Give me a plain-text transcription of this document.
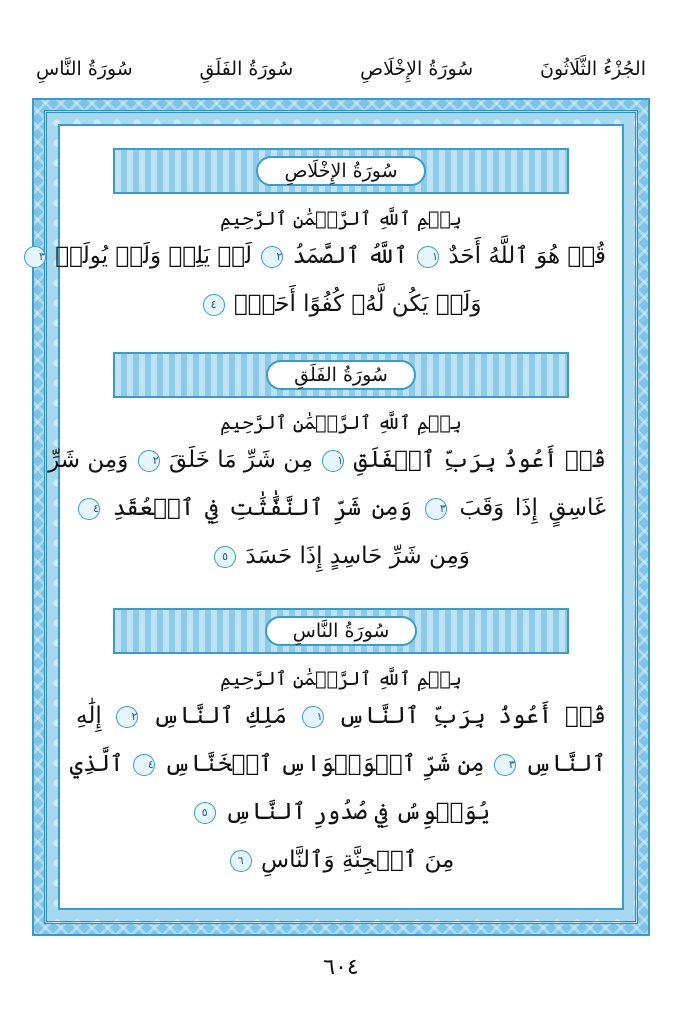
الجُزْءُ الثَّلَاثُونَ
سُورَةُ الإِخْلَاصِ
سُورَةُ الفَلَقِ
سُورَةُ النَّاسِ
سُورَةُ الإِخْلَاصِ
بِسۡمِ ٱللَّهِ ٱلرَّحۡمَٰنِ ٱلرَّحِيمِ
قُلۡ هُوَ ٱللَّهُ أَحَدٌ ١ ٱللَّهُ ٱلصَّمَدُ ٢ لَمۡ يَلِدۡ وَلَمۡ يُولَدۡ ٣
وَلَمۡ يَكُن لَّهُۥ كُفُوًا أَحَدُۢ ٤
سُورَةُ الفَلَقِ
بِسۡمِ ٱللَّهِ ٱلرَّحۡمَٰنِ ٱلرَّحِيمِ
قُلۡ أَعُوذُ بِرَبِّ ٱلۡفَلَقِ ١ مِن شَرِّ مَا خَلَقَ ٢ وَمِن شَرِّ
غَاسِقٍ إِذَا وَقَبَ ٣ وَمِن شَرِّ ٱلنَّفَّٰثَٰتِ فِي ٱلۡعُقَدِ ٤
وَمِن شَرِّ حَاسِدٍ إِذَا حَسَدَ ٥
سُورَةُ النَّاسِ
بِسۡمِ ٱللَّهِ ٱلرَّحۡمَٰنِ ٱلرَّحِيمِ
قُلۡ أَعُوذُ بِرَبِّ ٱلنَّاسِ ١ مَلِكِ ٱلنَّاسِ ٢ إِلَٰهِ
ٱلنَّاسِ ٣ مِن شَرِّ ٱلۡوَسۡوَاسِ ٱلۡخَنَّاسِ ٤ ٱلَّذِي
يُوَسۡوِسُ فِي صُدُورِ ٱلنَّاسِ ٥
مِنَ ٱلۡجِنَّةِ وَٱلنَّاسِ ٦
٦٠٤
